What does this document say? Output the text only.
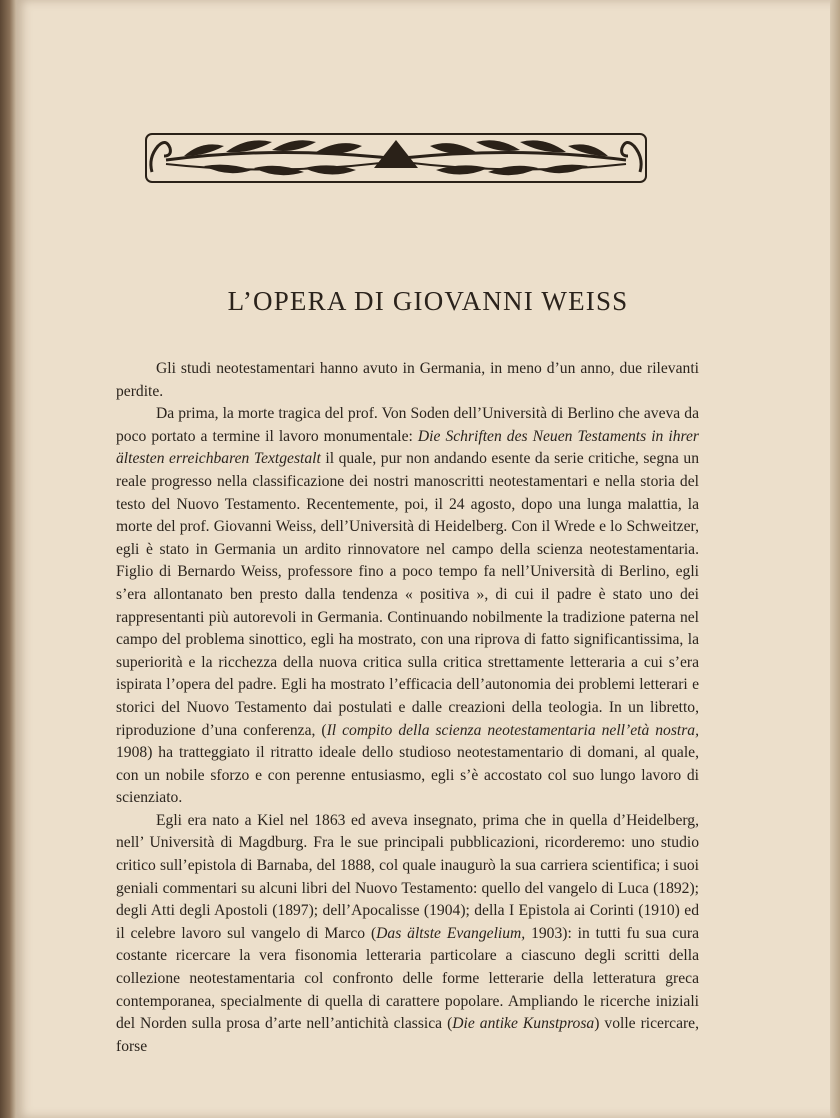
L’OPERA DI GIOVANNI WEISS

Gli studi neotestamentari hanno avuto in Germania, in meno d’un anno, due rilevanti perdite.

Da prima, la morte tragica del prof. Von Soden dell’Università di Berlino che aveva da poco portato a termine il lavoro monumentale: Die Schriften des Neuen Testaments in ihrer ältesten erreichbaren Textgestalt il quale, pur non andando esente da serie critiche, segna un reale progresso nella classificazione dei nostri manoscritti neotestamentari e nella storia del testo del Nuovo Testamento. Recentemente, poi, il 24 agosto, dopo una lunga malattia, la morte del prof. Giovanni Weiss, dell’Università di Heidelberg. Con il Wrede e lo Schweitzer, egli è stato in Germania un ardito rinnovatore nel campo della scienza neotestamentaria. Figlio di Bernardo Weiss, professore fino a poco tempo fa nell’Università di Berlino, egli s’era allontanato ben presto dalla tendenza « positiva », di cui il padre è stato uno dei rappresentanti più autorevoli in Germania. Continuando nobilmente la tradizione paterna nel campo del problema sinottico, egli ha mostrato, con una riprova di fatto significantissima, la superiorità e la ricchezza della nuova critica sulla critica strettamente letteraria a cui s’era ispirata l’opera del padre. Egli ha mostrato l’efficacia dell’autonomia dei problemi letterari e storici del Nuovo Testamento dai postulati e dalle creazioni della teologia. In un libretto, riproduzione d’una conferenza, (Il compito della scienza neotestamentaria nell’età nostra, 1908) ha tratteggiato il ritratto ideale dello studioso neotestamentario di domani, al quale, con un nobile sforzo e con perenne entusiasmo, egli s’è accostato col suo lungo lavoro di scienziato.

Egli era nato a Kiel nel 1863 ed aveva insegnato, prima che in quella d’Heidelberg, nell’ Università di Magdburg. Fra le sue principali pubblicazioni, ricorderemo: uno studio critico sull’epistola di Barnaba, del 1888, col quale inaugurò la sua carriera scientifica; i suoi geniali commentari su alcuni libri del Nuovo Testamento: quello del vangelo di Luca (1892); degli Atti degli Apostoli (1897); dell’Apocalisse (1904); della I Epistola ai Corinti (1910) ed il celebre lavoro sul vangelo di Marco (Das ältste Evangelium, 1903): in tutti fu sua cura costante ricercare la vera fisonomia letteraria particolare a ciascuno degli scritti della collezione neotestamentaria col confronto delle forme letterarie della letteratura greca contemporanea, specialmente di quella di carattere popolare. Ampliando le ricerche iniziali del Norden sulla prosa d’arte nell’antichità classica (Die antike Kunstprosa) volle ricercare, forse
